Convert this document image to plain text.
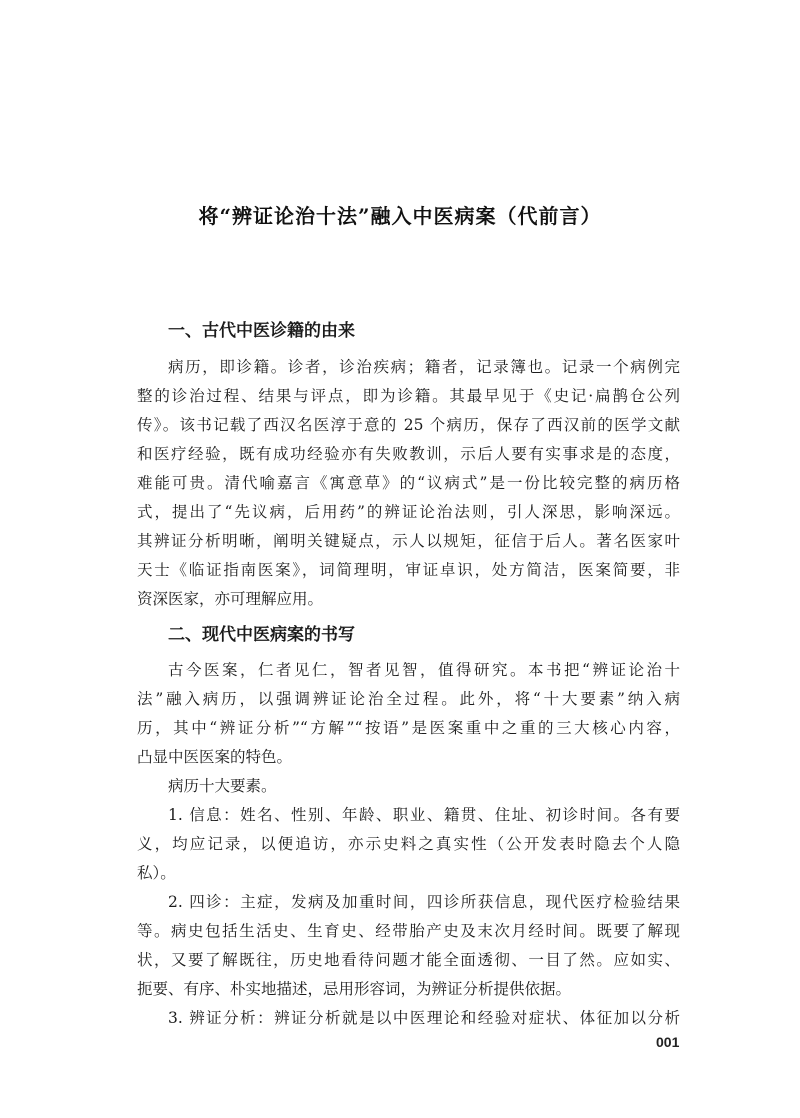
将“辨证论治十法”融入中医病案（代前言）
一、古代中医诊籍的由来
病历，即诊籍。诊者，诊治疾病；籍者，记录簿也。记录一个病例完
整的诊治过程、结果与评点，即为诊籍。其最早见于《史记·扁鹊仓公列
传》。该书记载了西汉名医淳于意的 25 个病历，保存了西汉前的医学文献
和医疗经验，既有成功经验亦有失败教训，示后人要有实事求是的态度，
难能可贵。清代喻嘉言《寓意草》的“议病式”是一份比较完整的病历格
式，提出了“先议病，后用药”的辨证论治法则，引人深思，影响深远。
其辨证分析明晰，阐明关键疑点，示人以规矩，征信于后人。著名医家叶
天士《临证指南医案》，词简理明，审证卓识，处方简洁，医案简要，非
资深医家，亦可理解应用。
二、现代中医病案的书写
古今医案，仁者见仁，智者见智，值得研究。本书把“辨证论治十
法”融入病历，以强调辨证论治全过程。此外，将“十大要素”纳入病
历，其中“辨证分析”“方解”“按语”是医案重中之重的三大核心内容，
凸显中医医案的特色。
病历十大要素。
1. 信息：姓名、性别、年龄、职业、籍贯、住址、初诊时间。各有要
义，均应记录，以便追访，亦示史料之真实性（公开发表时隐去个人隐
私）。
2. 四诊：主症，发病及加重时间，四诊所获信息，现代医疗检验结果
等。病史包括生活史、生育史、经带胎产史及末次月经时间。既要了解现
状，又要了解既往，历史地看待问题才能全面透彻、一目了然。应如实、
扼要、有序、朴实地描述，忌用形容词，为辨证分析提供依据。
3. 辨证分析：辨证分析就是以中医理论和经验对症状、体征加以分析
001
